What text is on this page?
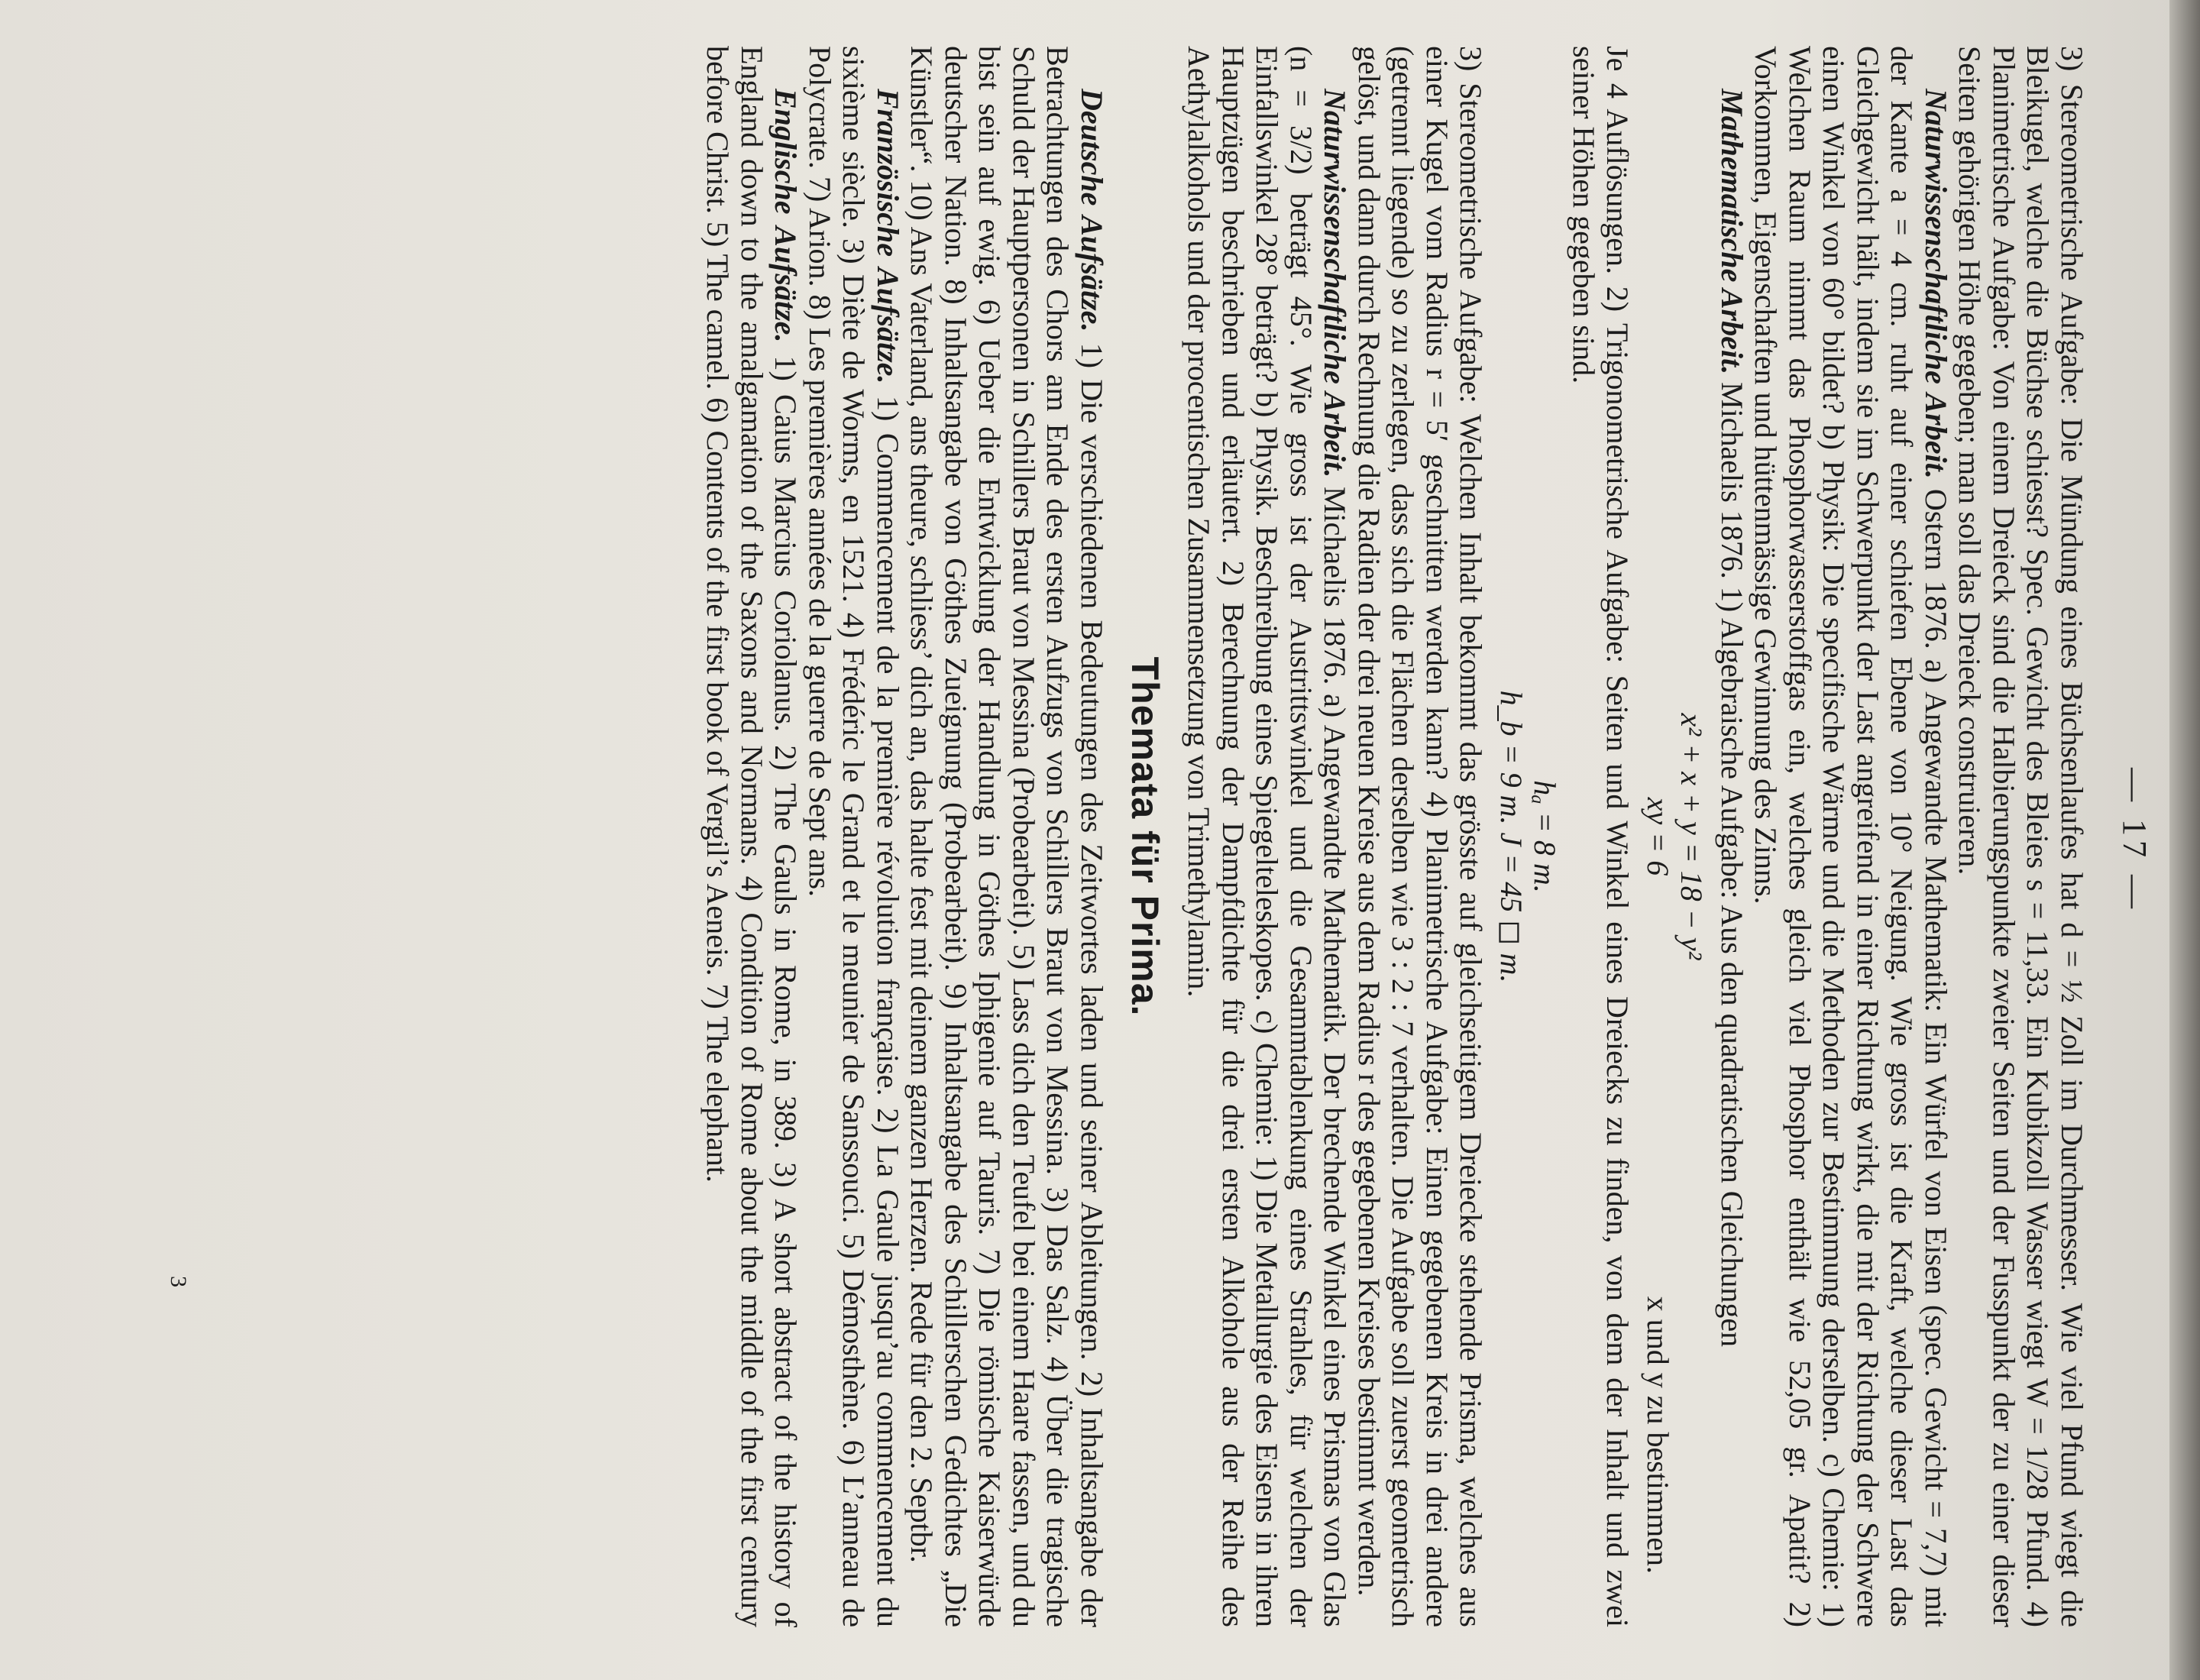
— 17 —

3) Stereometrische Aufgabe: Die Mündung eines Büchsenlaufes hat d = ½ Zoll im Durchmesser. Wie viel Pfund wiegt die Bleikugel, welche die Büchse schiesst? Spec. Gewicht des Bleies s = 11,33. Ein Kubikzoll Wasser wiegt W = 1/28 Pfund. 4) Planimetrische Aufgabe: Von einem Dreieck sind die Halbierungspunkte zweier Seiten und der Fusspunkt der zu einer dieser Seiten gehörigen Höhe gegeben; man soll das Dreieck construieren.

Naturwissenschaftliche Arbeit. Ostern 1876. a) Angewandte Mathematik: Ein Würfel von Eisen (spec. Gewicht = 7,7) mit der Kante a = 4 cm. ruht auf einer schiefen Ebene von 10° Neigung. Wie gross ist die Kraft, welche dieser Last das Gleichgewicht hält, indem sie im Schwerpunkt der Last angreifend in einer Richtung wirkt, die mit der Richtung der Schwere einen Winkel von 60° bildet? b) Physik: Die specifische Wärme und die Methoden zur Bestimmung derselben. c) Chemie: 1) Welchen Raum nimmt das Phosphorwasserstoffgas ein, welches gleich viel Phosphor enthält wie 52,05 gr. Apatit? 2) Vorkommen, Eigenschaften und hüttenmässige Gewinnung des Zinns.

Mathematische Arbeit. Michaelis 1876. 1) Algebraische Aufgabe: Aus den quadratischen Gleichungen

x² + x + y = 18 − y²
xy = 6
x und y zu bestimmen.

Je 4 Auflösungen. 2) Trigonometrische Aufgabe: Seiten und Winkel eines Dreiecks zu finden, von dem der Inhalt und zwei seiner Höhen gegeben sind.

hₐ = 8 m.
h_b = 9 m. J = 45 ◻ m.

3) Stereometrische Aufgabe: Welchen Inhalt bekommt das grösste auf gleichseitigem Dreiecke stehende Prisma, welches aus einer Kugel vom Radius r = 5′ geschnitten werden kann? 4) Planimetrische Aufgabe: Einen gegebenen Kreis in drei andere (getrennt liegende) so zu zerlegen, dass sich die Flächen derselben wie 3 : 2 : 7 verhalten. Die Aufgabe soll zuerst geometrisch gelöst, und dann durch Rechnung die Radien der drei neuen Kreise aus dem Radius r des gegebenen Kreises bestimmt werden.

Naturwissenschaftliche Arbeit. Michaelis 1876. a) Angewandte Mathematik. Der brechende Winkel eines Prismas von Glas (n = 3/2) beträgt 45°. Wie gross ist der Austrittswinkel und die Gesammtablenkung eines Strahles, für welchen der Einfallswinkel 28° beträgt? b) Physik. Beschreibung eines Spiegelteleskopes. c) Chemie: 1) Die Metallurgie des Eisens in ihren Hauptzügen beschrieben und erläutert. 2) Berechnung der Dampfdichte für die drei ersten Alkohole aus der Reihe des Aethylalkohols und der procentischen Zusammensetzung von Trimethylamin.

Themata für Prima.

Deutsche Aufsätze. 1) Die verschiedenen Bedeutungen des Zeitwortes laden und seiner Ableitungen. 2) Inhaltsangabe der Betrachtungen des Chors am Ende des ersten Aufzugs von Schillers Braut von Messina. 3) Das Salz. 4) Über die tragische Schuld der Hauptpersonen in Schillers Braut von Messina (Probearbeit). 5) Lass dich den Teufel bei einem Haare fassen, und du bist sein auf ewig. 6) Ueber die Entwicklung der Handlung in Göthes Iphigenie auf Tauris. 7) Die römische Kaiserwürde deutscher Nation. 8) Inhaltsangabe von Göthes Zueignung (Probearbeit). 9) Inhaltsangabe des Schillerschen Gedichtes „Die Künstler“. 10) Ans Vaterland, ans theure, schliess’ dich an, das halte fest mit deinem ganzen Herzen. Rede für den 2. Septbr.

Französische Aufsätze. 1) Commencement de la première révolution française. 2) La Gaule jusqu’au commencement du sixième siècle. 3) Diète de Worms, en 1521. 4) Frédéric le Grand et le meunier de Sanssouci. 5) Démosthène. 6) L’anneau de Polycrate. 7) Arion. 8) Les premières années de la guerre de Sept ans.

Englische Aufsätze. 1) Caius Marcius Coriolanus. 2) The Gauls in Rome, in 389. 3) A short abstract of the history of England down to the amalgamation of the Saxons and Normans. 4) Condition of Rome about the middle of the first century before Christ. 5) The camel. 6) Contents of the first book of Vergil’s Aeneis. 7) The elephant.

3
